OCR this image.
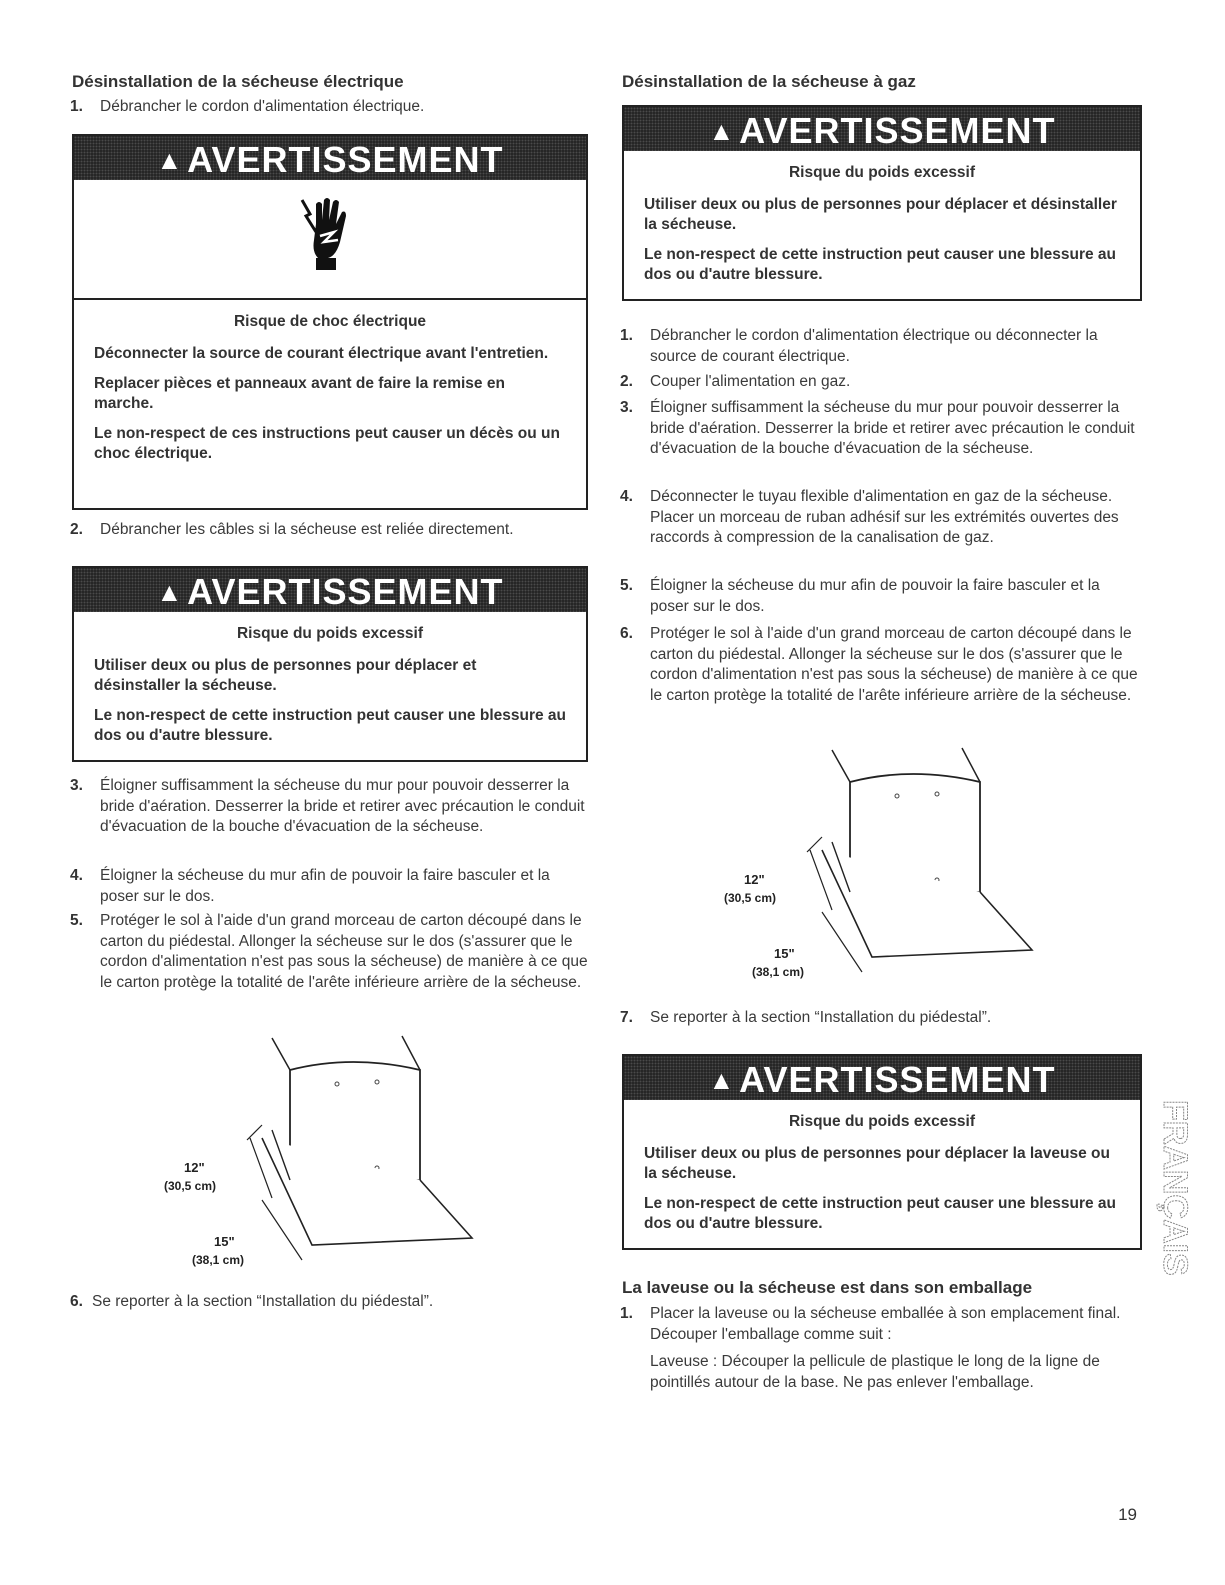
Désinstallation de la sécheuse électrique
1.	Débrancher le cordon d'alimentation électrique.
▲ AVERTISSEMENT
Risque de choc électrique
Déconnecter la source de courant électrique avant l'entretien.
Replacer pièces et panneaux avant de faire la remise en marche.
Le non-respect de ces instructions peut causer un décès ou un choc électrique.
2.	Débrancher les câbles si la sécheuse est reliée directement.
▲ AVERTISSEMENT
Risque du poids excessif
Utiliser deux ou plus de personnes pour déplacer et désinstaller la sécheuse.
Le non-respect de cette instruction peut causer une blessure au dos ou d'autre blessure.
3.	Éloigner suffisamment la sécheuse du mur pour pouvoir desserrer la bride d'aération. Desserrer la bride et retirer avec précaution le conduit d'évacuation de la bouche d'évacuation de la sécheuse.
4.	Éloigner la sécheuse du mur afin de pouvoir la faire basculer et la poser sur le dos.
5.	Protéger le sol à l'aide d'un grand morceau de carton découpé dans le carton du piédestal. Allonger la sécheuse sur le dos (s'assurer que le cordon d'alimentation n'est pas sous la sécheuse) de manière à ce que le carton protège la totalité de l'arête inférieure arrière de la sécheuse.
12"
(30,5 cm)
15"
(38,1 cm)
6. Se reporter à la section “Installation du piédestal”.
Désinstallation de la sécheuse à gaz
▲ AVERTISSEMENT
Risque du poids excessif
Utiliser deux ou plus de personnes pour déplacer et désinstaller la sécheuse.
Le non-respect de cette instruction peut causer une blessure au dos ou d'autre blessure.
1.	Débrancher le cordon d'alimentation électrique ou déconnecter la source de courant électrique.
2.	Couper l'alimentation en gaz.
3.	Éloigner suffisamment la sécheuse du mur pour pouvoir desserrer la bride d'aération. Desserrer la bride et retirer avec précaution le conduit d'évacuation de la bouche d'évacuation de la sécheuse.
4.	Déconnecter le tuyau flexible d'alimentation en gaz de la sécheuse. Placer un morceau de ruban adhésif sur les extrémités ouvertes des raccords à compression de la canalisation de gaz.
5.	Éloigner la sécheuse du mur afin de pouvoir la faire basculer et la poser sur le dos.
6.	Protéger le sol à l'aide d'un grand morceau de carton découpé dans le carton du piédestal. Allonger la sécheuse sur le dos (s'assurer que le cordon d'alimentation n'est pas sous la sécheuse) de manière à ce que le carton protège la totalité de l'arête inférieure arrière de la sécheuse.
12"
(30,5 cm)
15"
(38,1 cm)
7.	Se reporter à la section “Installation du piédestal”.
▲ AVERTISSEMENT
Risque du poids excessif
Utiliser deux ou plus de personnes pour déplacer la laveuse ou la sécheuse.
Le non-respect de cette instruction peut causer une blessure au dos ou d'autre blessure.
La laveuse ou la sécheuse est dans son emballage
1.	Placer la laveuse ou la sécheuse emballée à son emplacement final. Découper l'emballage comme suit :
Laveuse : Découper la pellicule de plastique le long de la ligne de pointillés autour de la base. Ne pas enlever l'emballage.
FRANÇAIS
19
